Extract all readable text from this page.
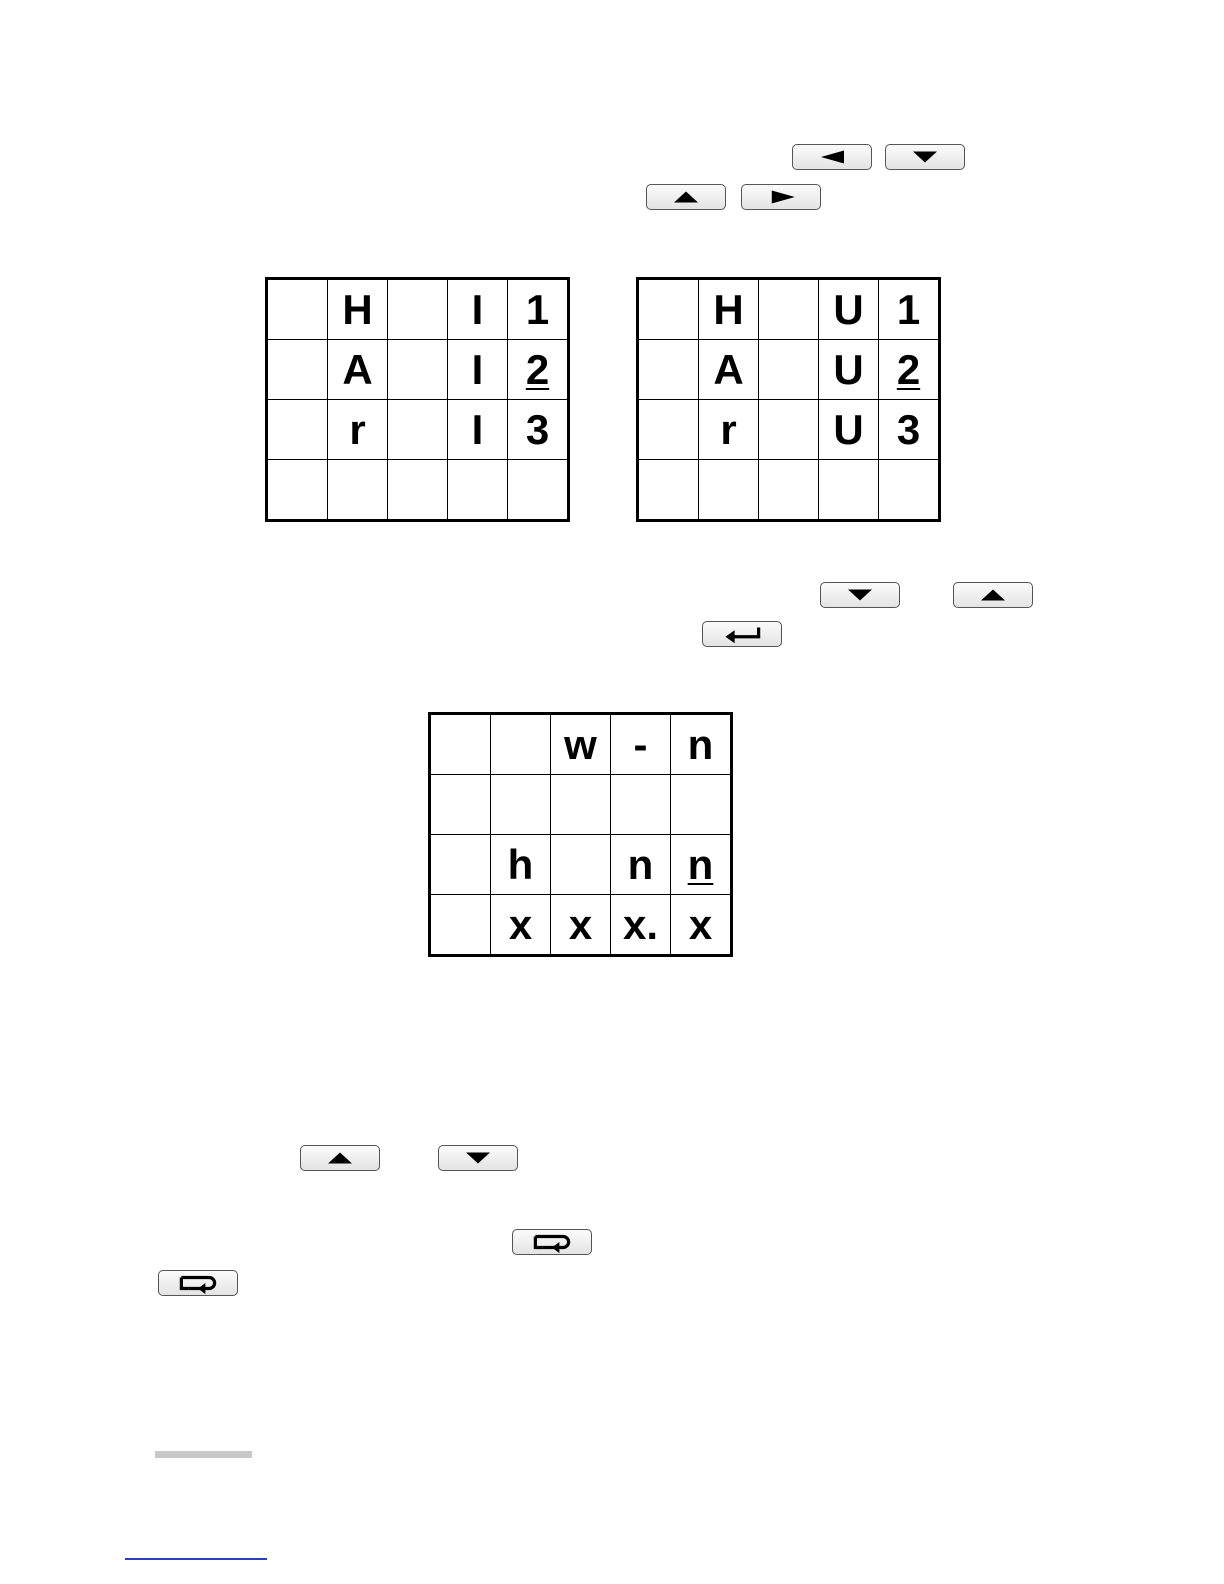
	H		I	1
	A		I	2
	r		I	3

	H		U	1
	A		U	2
	r		U	3

		w	-	n

	h		n	n
	x	x	x.	x
